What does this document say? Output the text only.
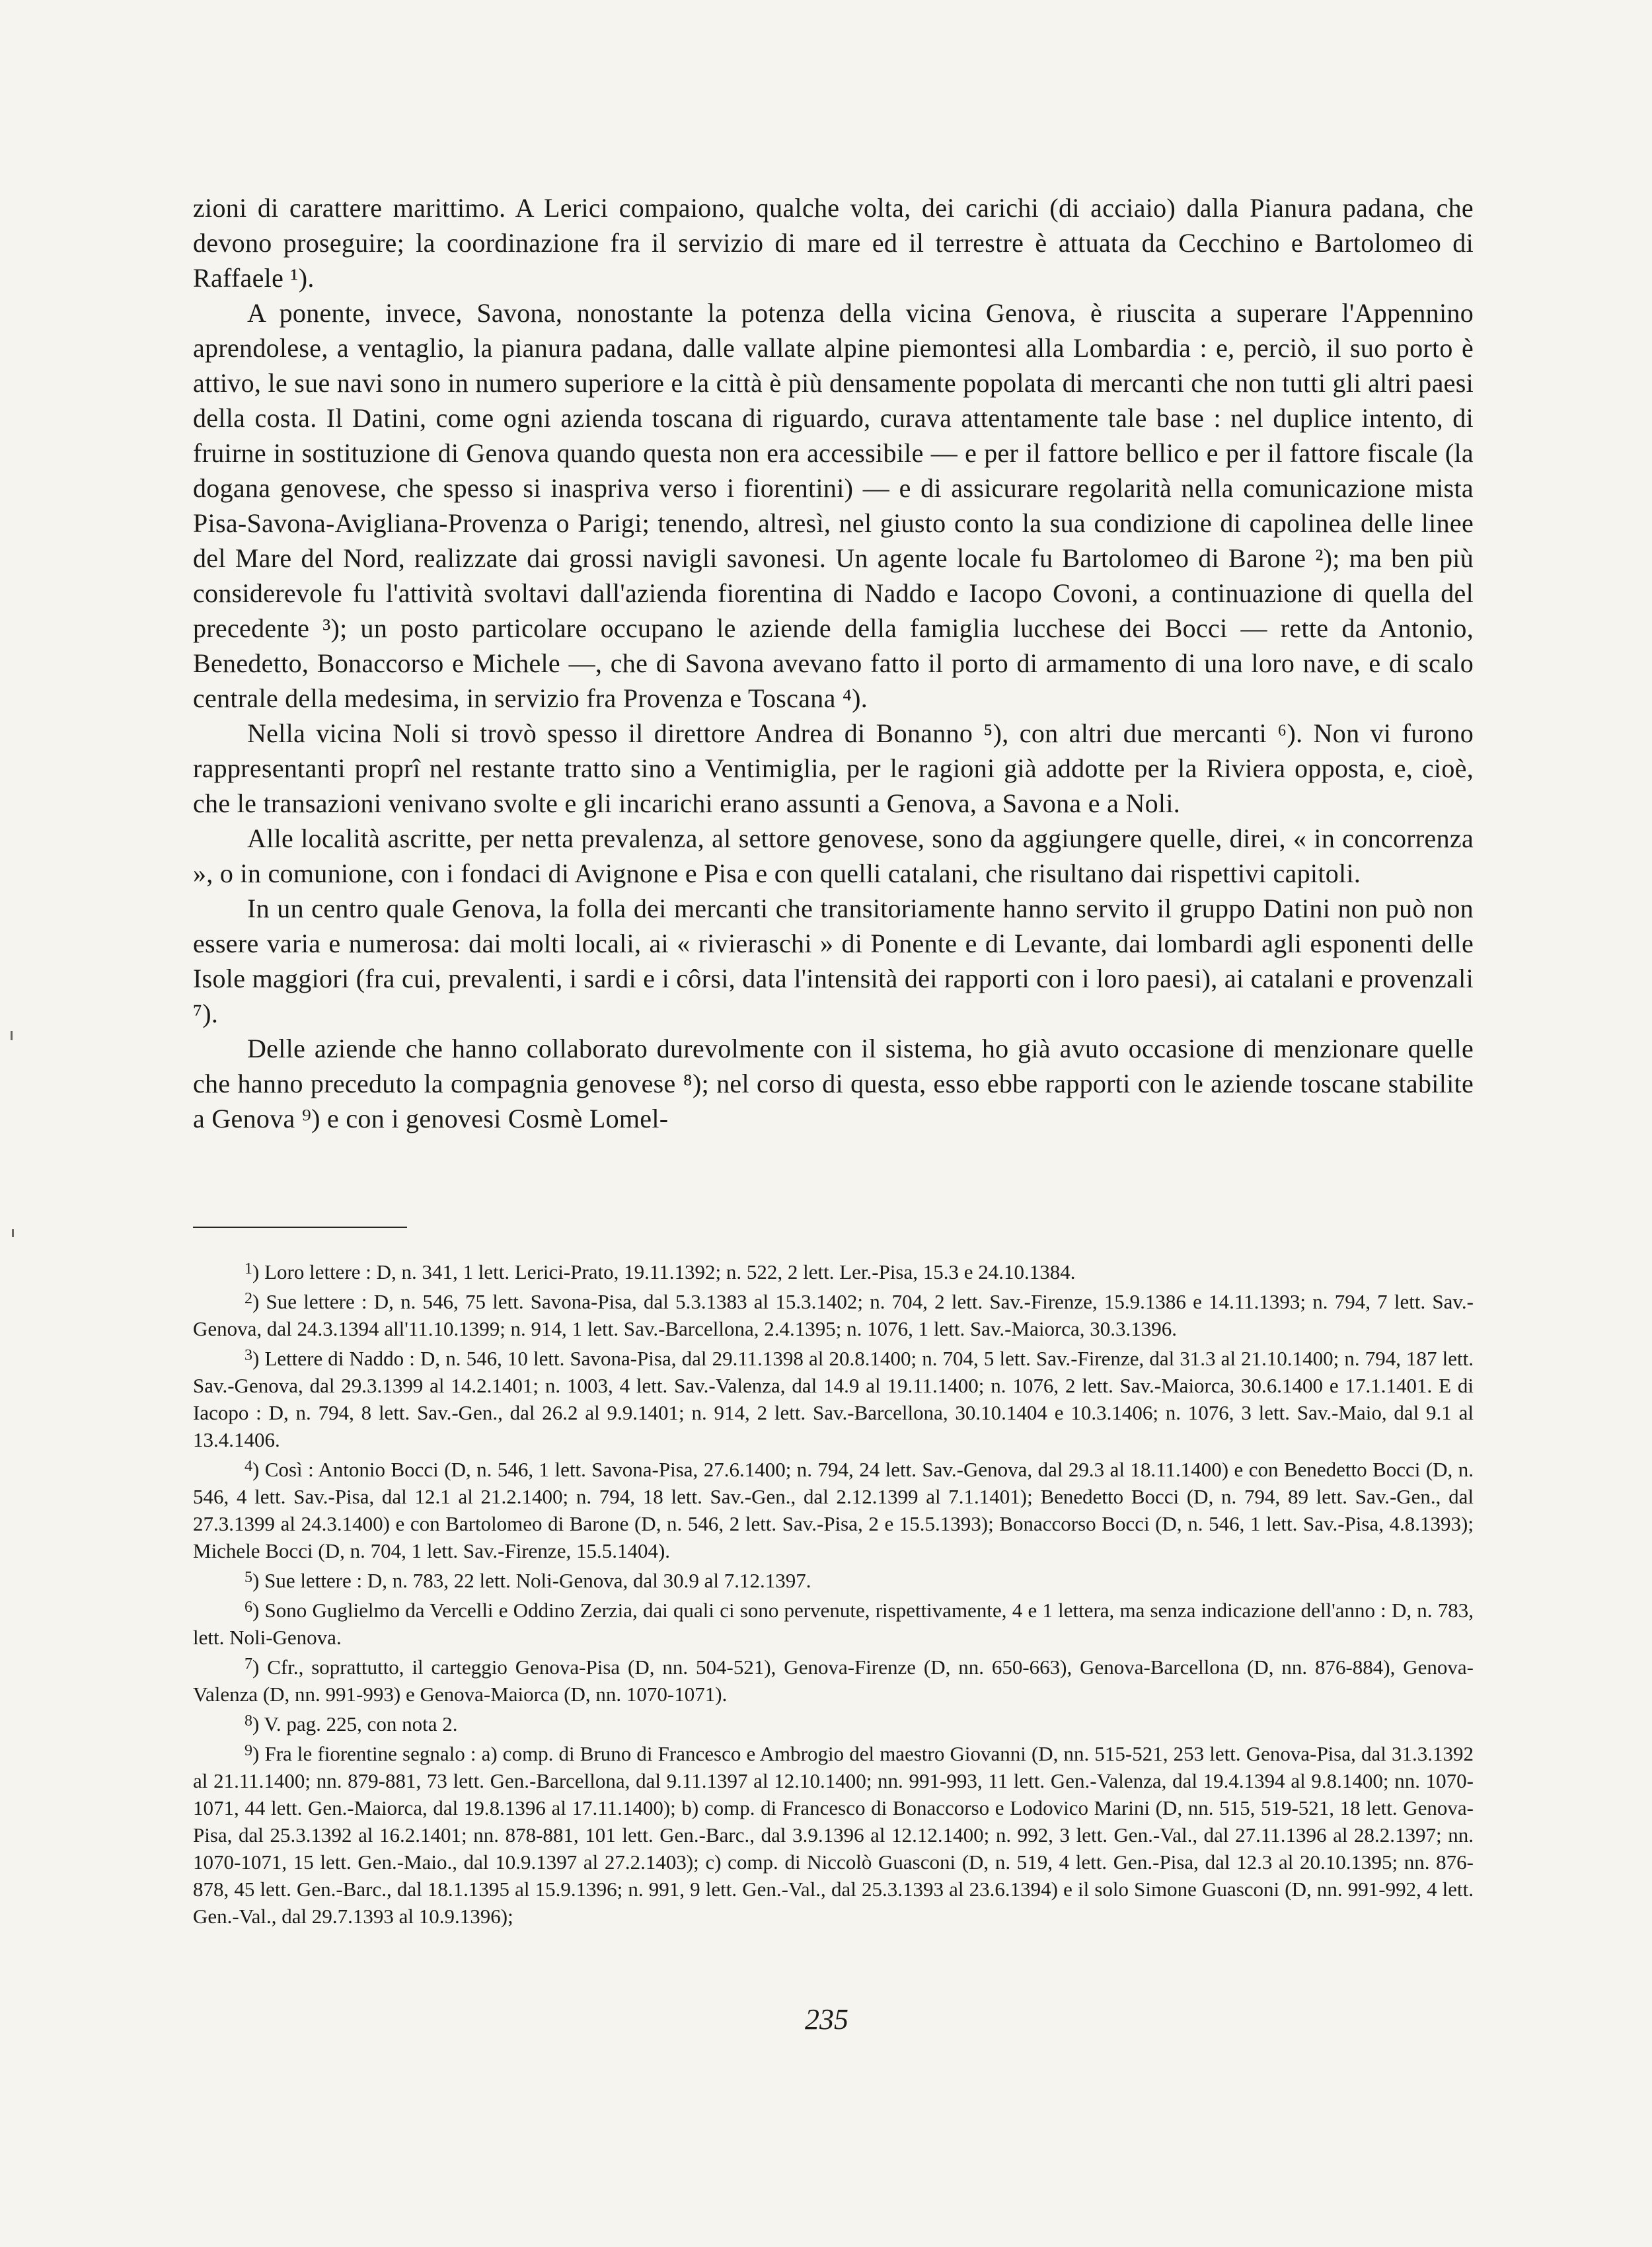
zioni di carattere marittimo. A Lerici compaiono, qualche volta, dei carichi (di acciaio) dalla Pianura padana, che devono proseguire; la coordinazione fra il servizio di mare ed il terrestre è attuata da Cecchino e Bartolomeo di Raffaele ¹).

A ponente, invece, Savona, nonostante la potenza della vicina Genova, è riuscita a superare l'Appennino aprendolese, a ventaglio, la pianura padana, dalle vallate alpine piemontesi alla Lombardia : e, perciò, il suo porto è attivo, le sue navi sono in numero superiore e la città è più densamente popolata di mercanti che non tutti gli altri paesi della costa. Il Datini, come ogni azienda toscana di riguardo, curava attentamente tale base : nel duplice intento, di fruirne in sostituzione di Genova quando questa non era accessibile — e per il fattore bellico e per il fattore fiscale (la dogana genovese, che spesso si inaspriva verso i fiorentini) — e di assicurare regolarità nella comunicazione mista Pisa-Savona-Avigliana-Provenza o Parigi; tenendo, altresì, nel giusto conto la sua condizione di capolinea delle linee del Mare del Nord, realizzate dai grossi navigli savonesi. Un agente locale fu Bartolomeo di Barone ²); ma ben più considerevole fu l'attività svoltavi dall'azienda fiorentina di Naddo e Iacopo Covoni, a continuazione di quella del precedente ³); un posto particolare occupano le aziende della famiglia lucchese dei Bocci — rette da Antonio, Benedetto, Bonaccorso e Michele —, che di Savona avevano fatto il porto di armamento di una loro nave, e di scalo centrale della medesima, in servizio fra Provenza e Toscana ⁴).

Nella vicina Noli si trovò spesso il direttore Andrea di Bonanno ⁵), con altri due mercanti ⁶). Non vi furono rappresentanti proprî nel restante tratto sino a Ventimiglia, per le ragioni già addotte per la Riviera opposta, e, cioè, che le transazioni venivano svolte e gli incarichi erano assunti a Genova, a Savona e a Noli.

Alle località ascritte, per netta prevalenza, al settore genovese, sono da aggiungere quelle, direi, « in concorrenza », o in comunione, con i fondaci di Avignone e Pisa e con quelli catalani, che risultano dai rispettivi capitoli.

In un centro quale Genova, la folla dei mercanti che transitoriamente hanno servito il gruppo Datini non può non essere varia e numerosa: dai molti locali, ai « rivieraschi » di Ponente e di Levante, dai lombardi agli esponenti delle Isole maggiori (fra cui, prevalenti, i sardi e i côrsi, data l'intensità dei rapporti con i loro paesi), ai catalani e provenzali ⁷).

Delle aziende che hanno collaborato durevolmente con il sistema, ho già avuto occasione di menzionare quelle che hanno preceduto la compagnia genovese ⁸); nel corso di questa, esso ebbe rapporti con le aziende toscane stabilite a Genova ⁹) e con i genovesi Cosmè Lomel-

$^1$) Loro lettere : D, n. 341, 1 lett. Lerici-Prato, 19.11.1392; n. 522, 2 lett. Ler.-Pisa, 15.3 e 24.10.1384.

$^2$) Sue lettere : D, n. 546, 75 lett. Savona-Pisa, dal 5.3.1383 al 15.3.1402; n. 704, 2 lett. Sav.-Firenze, 15.9.1386 e 14.11.1393; n. 794, 7 lett. Sav.-Genova, dal 24.3.1394 all'11.10.1399; n. 914, 1 lett. Sav.-Barcellona, 2.4.1395; n. 1076, 1 lett. Sav.-Maiorca, 30.3.1396.

$^3$) Lettere di Naddo : D, n. 546, 10 lett. Savona-Pisa, dal 29.11.1398 al 20.8.1400; n. 704, 5 lett. Sav.-Firenze, dal 31.3 al 21.10.1400; n. 794, 187 lett. Sav.-Genova, dal 29.3.1399 al 14.2.1401; n. 1003, 4 lett. Sav.-Valenza, dal 14.9 al 19.11.1400; n. 1076, 2 lett. Sav.-Maiorca, 30.6.1400 e 17.1.1401. E di Iacopo : D, n. 794, 8 lett. Sav.-Gen., dal 26.2 al 9.9.1401; n. 914, 2 lett. Sav.-Barcellona, 30.10.1404 e 10.3.1406; n. 1076, 3 lett. Sav.-Maio, dal 9.1 al 13.4.1406.

$^4$) Così : Antonio Bocci (D, n. 546, 1 lett. Savona-Pisa, 27.6.1400; n. 794, 24 lett. Sav.-Genova, dal 29.3 al 18.11.1400) e con Benedetto Bocci (D, n. 546, 4 lett. Sav.-Pisa, dal 12.1 al 21.2.1400; n. 794, 18 lett. Sav.-Gen., dal 2.12.1399 al 7.1.1401); Benedetto Bocci (D, n. 794, 89 lett. Sav.-Gen., dal 27.3.1399 al 24.3.1400) e con Bartolomeo di Barone (D, n. 546, 2 lett. Sav.-Pisa, 2 e 15.5.1393); Bonaccorso Bocci (D, n. 546, 1 lett. Sav.-Pisa, 4.8.1393); Michele Bocci (D, n. 704, 1 lett. Sav.-Firenze, 15.5.1404).

$^5$) Sue lettere : D, n. 783, 22 lett. Noli-Genova, dal 30.9 al 7.12.1397.

$^6$) Sono Guglielmo da Vercelli e Oddino Zerzia, dai quali ci sono pervenute, rispettivamente, 4 e 1 lettera, ma senza indicazione dell'anno : D, n. 783, lett. Noli-Genova.

$^7$) Cfr., soprattutto, il carteggio Genova-Pisa (D, nn. 504-521), Genova-Firenze (D, nn. 650-663), Genova-Barcellona (D, nn. 876-884), Genova-Valenza (D, nn. 991-993) e Genova-Maiorca (D, nn. 1070-1071).

$^8$) V. pag. 225, con nota 2.

$^9$) Fra le fiorentine segnalo : a) comp. di Bruno di Francesco e Ambrogio del maestro Giovanni (D, nn. 515-521, 253 lett. Genova-Pisa, dal 31.3.1392 al 21.11.1400; nn. 879-881, 73 lett. Gen.-Barcellona, dal 9.11.1397 al 12.10.1400; nn. 991-993, 11 lett. Gen.-Valenza, dal 19.4.1394 al 9.8.1400; nn. 1070-1071, 44 lett. Gen.-Maiorca, dal 19.8.1396 al 17.11.1400); b) comp. di Francesco di Bonaccorso e Lodovico Marini (D, nn. 515, 519-521, 18 lett. Genova-Pisa, dal 25.3.1392 al 16.2.1401; nn. 878-881, 101 lett. Gen.-Barc., dal 3.9.1396 al 12.12.1400; n. 992, 3 lett. Gen.-Val., dal 27.11.1396 al 28.2.1397; nn. 1070-1071, 15 lett. Gen.-Maio., dal 10.9.1397 al 27.2.1403); c) comp. di Niccolò Guasconi (D, n. 519, 4 lett. Gen.-Pisa, dal 12.3 al 20.10.1395; nn. 876-878, 45 lett. Gen.-Barc., dal 18.1.1395 al 15.9.1396; n. 991, 9 lett. Gen.-Val., dal 25.3.1393 al 23.6.1394) e il solo Simone Guasconi (D, nn. 991-992, 4 lett. Gen.-Val., dal 29.7.1393 al 10.9.1396);

235
